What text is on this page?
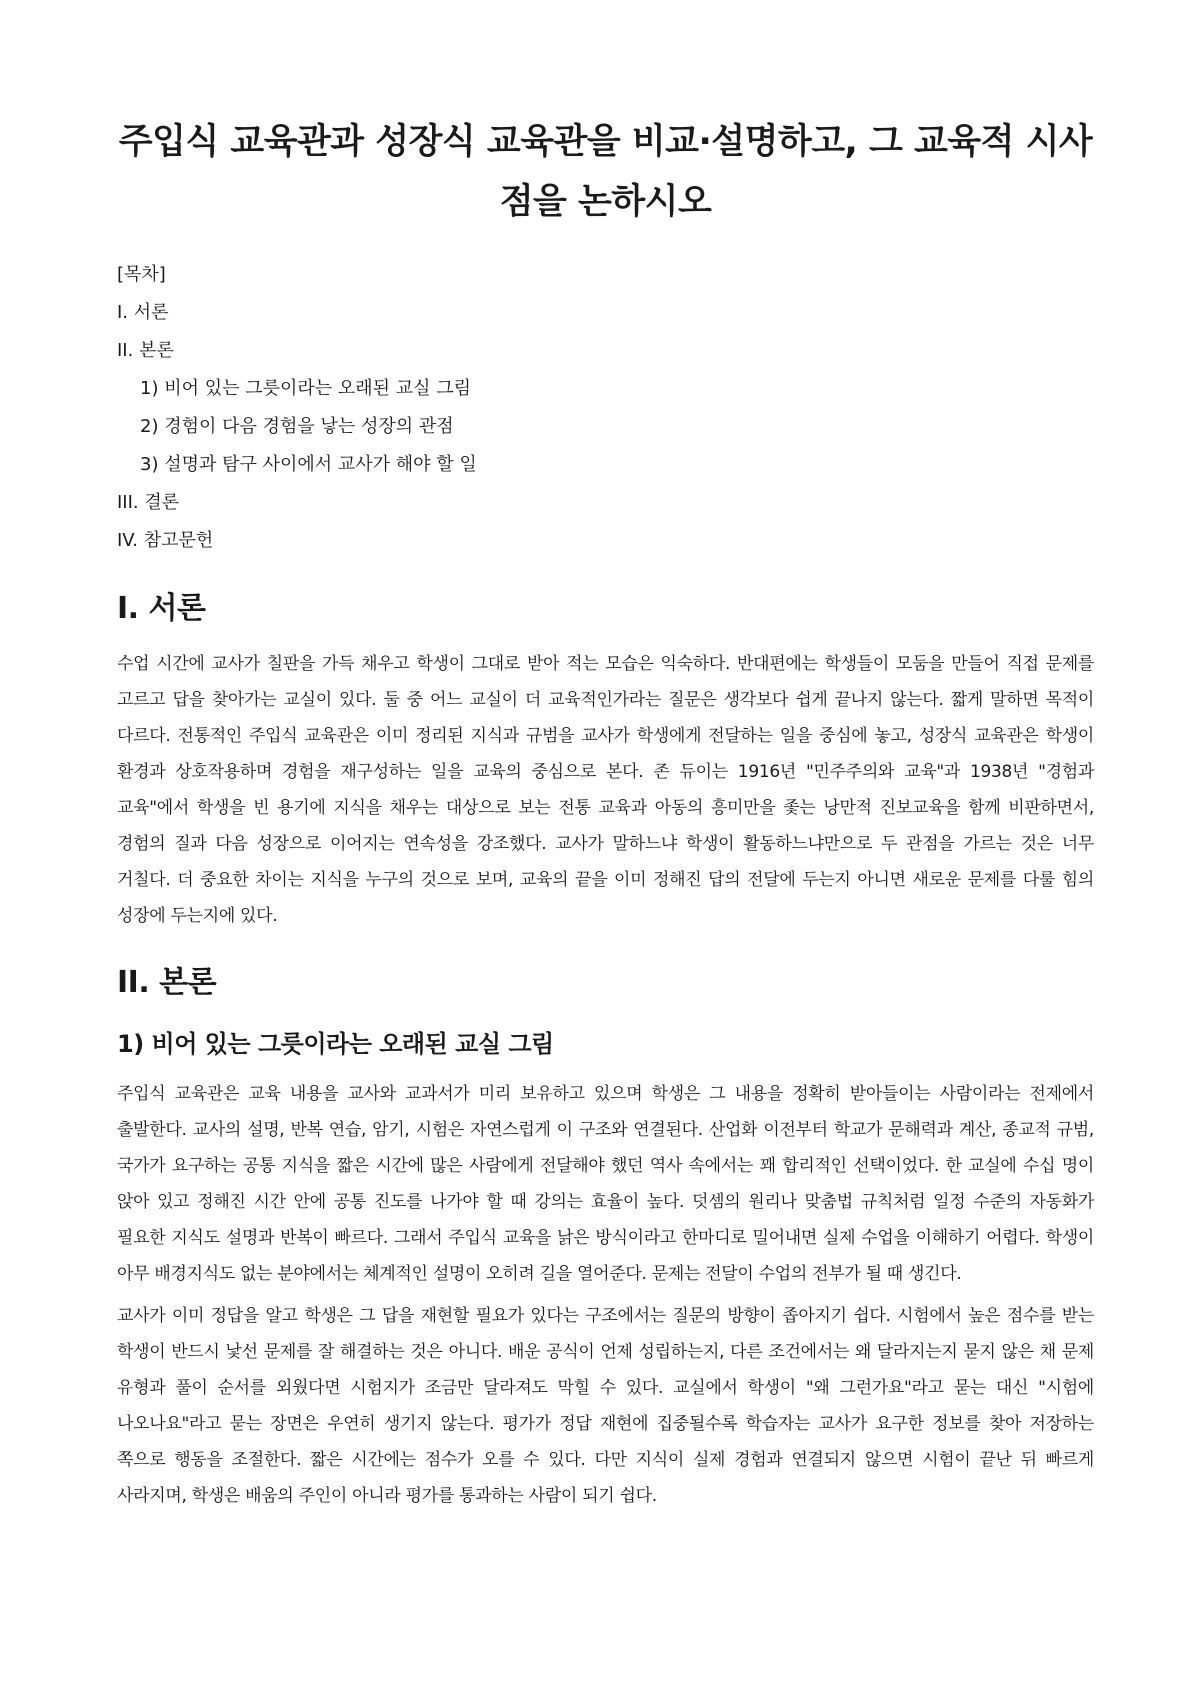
주입식 교육관과 성장식 교육관을 비교·설명하고, 그 교육적 시사점을 논하시오
[목차]
I. 서론
II. 본론
1) 비어 있는 그릇이라는 오래된 교실 그림
2) 경험이 다음 경험을 낳는 성장의 관점
3) 설명과 탐구 사이에서 교사가 해야 할 일
III. 결론
IV. 참고문헌
I. 서론

수업 시간에 교사가 칠판을 가득 채우고 학생이 그대로 받아 적는 모습은 익숙하다. 반대편에는 학생들이 모둠을 만들어 직접 문제를 고르고 답을 찾아가는 교실이 있다. 둘 중 어느 교실이 더 교육적인가라는 질문은 생각보다 쉽게 끝나지 않는다. 짧게 말하면 목적이 다르다. 전통적인 주입식 교육관은 이미 정리된 지식과 규범을 교사가 학생에게 전달하는 일을 중심에 놓고, 성장식 교육관은 학생이 환경과 상호작용하며 경험을 재구성하는 일을 교육의 중심으로 본다. 존 듀이는 1916년 "민주주의와 교육"과 1938년 "경험과 교육"에서 학생을 빈 용기에 지식을 채우는 대상으로 보는 전통 교육과 아동의 흥미만을 좇는 낭만적 진보교육을 함께 비판하면서, 경험의 질과 다음 성장으로 이어지는 연속성을 강조했다. 교사가 말하느냐 학생이 활동하느냐만으로 두 관점을 가르는 것은 너무 거칠다. 더 중요한 차이는 지식을 누구의 것으로 보며, 교육의 끝을 이미 정해진 답의 전달에 두는지 아니면 새로운 문제를 다룰 힘의 성장에 두는지에 있다.

II. 본론
1) 비어 있는 그릇이라는 오래된 교실 그림

주입식 교육관은 교육 내용을 교사와 교과서가 미리 보유하고 있으며 학생은 그 내용을 정확히 받아들이는 사람이라는 전제에서 출발한다. 교사의 설명, 반복 연습, 암기, 시험은 자연스럽게 이 구조와 연결된다. 산업화 이전부터 학교가 문해력과 계산, 종교적 규범, 국가가 요구하는 공통 지식을 짧은 시간에 많은 사람에게 전달해야 했던 역사 속에서는 꽤 합리적인 선택이었다. 한 교실에 수십 명이 앉아 있고 정해진 시간 안에 공통 진도를 나가야 할 때 강의는 효율이 높다. 덧셈의 원리나 맞춤법 규칙처럼 일정 수준의 자동화가 필요한 지식도 설명과 반복이 빠르다. 그래서 주입식 교육을 낡은 방식이라고 한마디로 밀어내면 실제 수업을 이해하기 어렵다. 학생이 아무 배경지식도 없는 분야에서는 체계적인 설명이 오히려 길을 열어준다. 문제는 전달이 수업의 전부가 될 때 생긴다.

교사가 이미 정답을 알고 학생은 그 답을 재현할 필요가 있다는 구조에서는 질문의 방향이 좁아지기 쉽다. 시험에서 높은 점수를 받는 학생이 반드시 낯선 문제를 잘 해결하는 것은 아니다. 배운 공식이 언제 성립하는지, 다른 조건에서는 왜 달라지는지 묻지 않은 채 문제 유형과 풀이 순서를 외웠다면 시험지가 조금만 달라져도 막힐 수 있다. 교실에서 학생이 "왜 그런가요"라고 묻는 대신 "시험에 나오나요"라고 묻는 장면은 우연히 생기지 않는다. 평가가 정답 재현에 집중될수록 학습자는 교사가 요구한 정보를 찾아 저장하는 쪽으로 행동을 조절한다. 짧은 시간에는 점수가 오를 수 있다. 다만 지식이 실제 경험과 연결되지 않으면 시험이 끝난 뒤 빠르게 사라지며, 학생은 배움의 주인이 아니라 평가를 통과하는 사람이 되기 쉽다.
